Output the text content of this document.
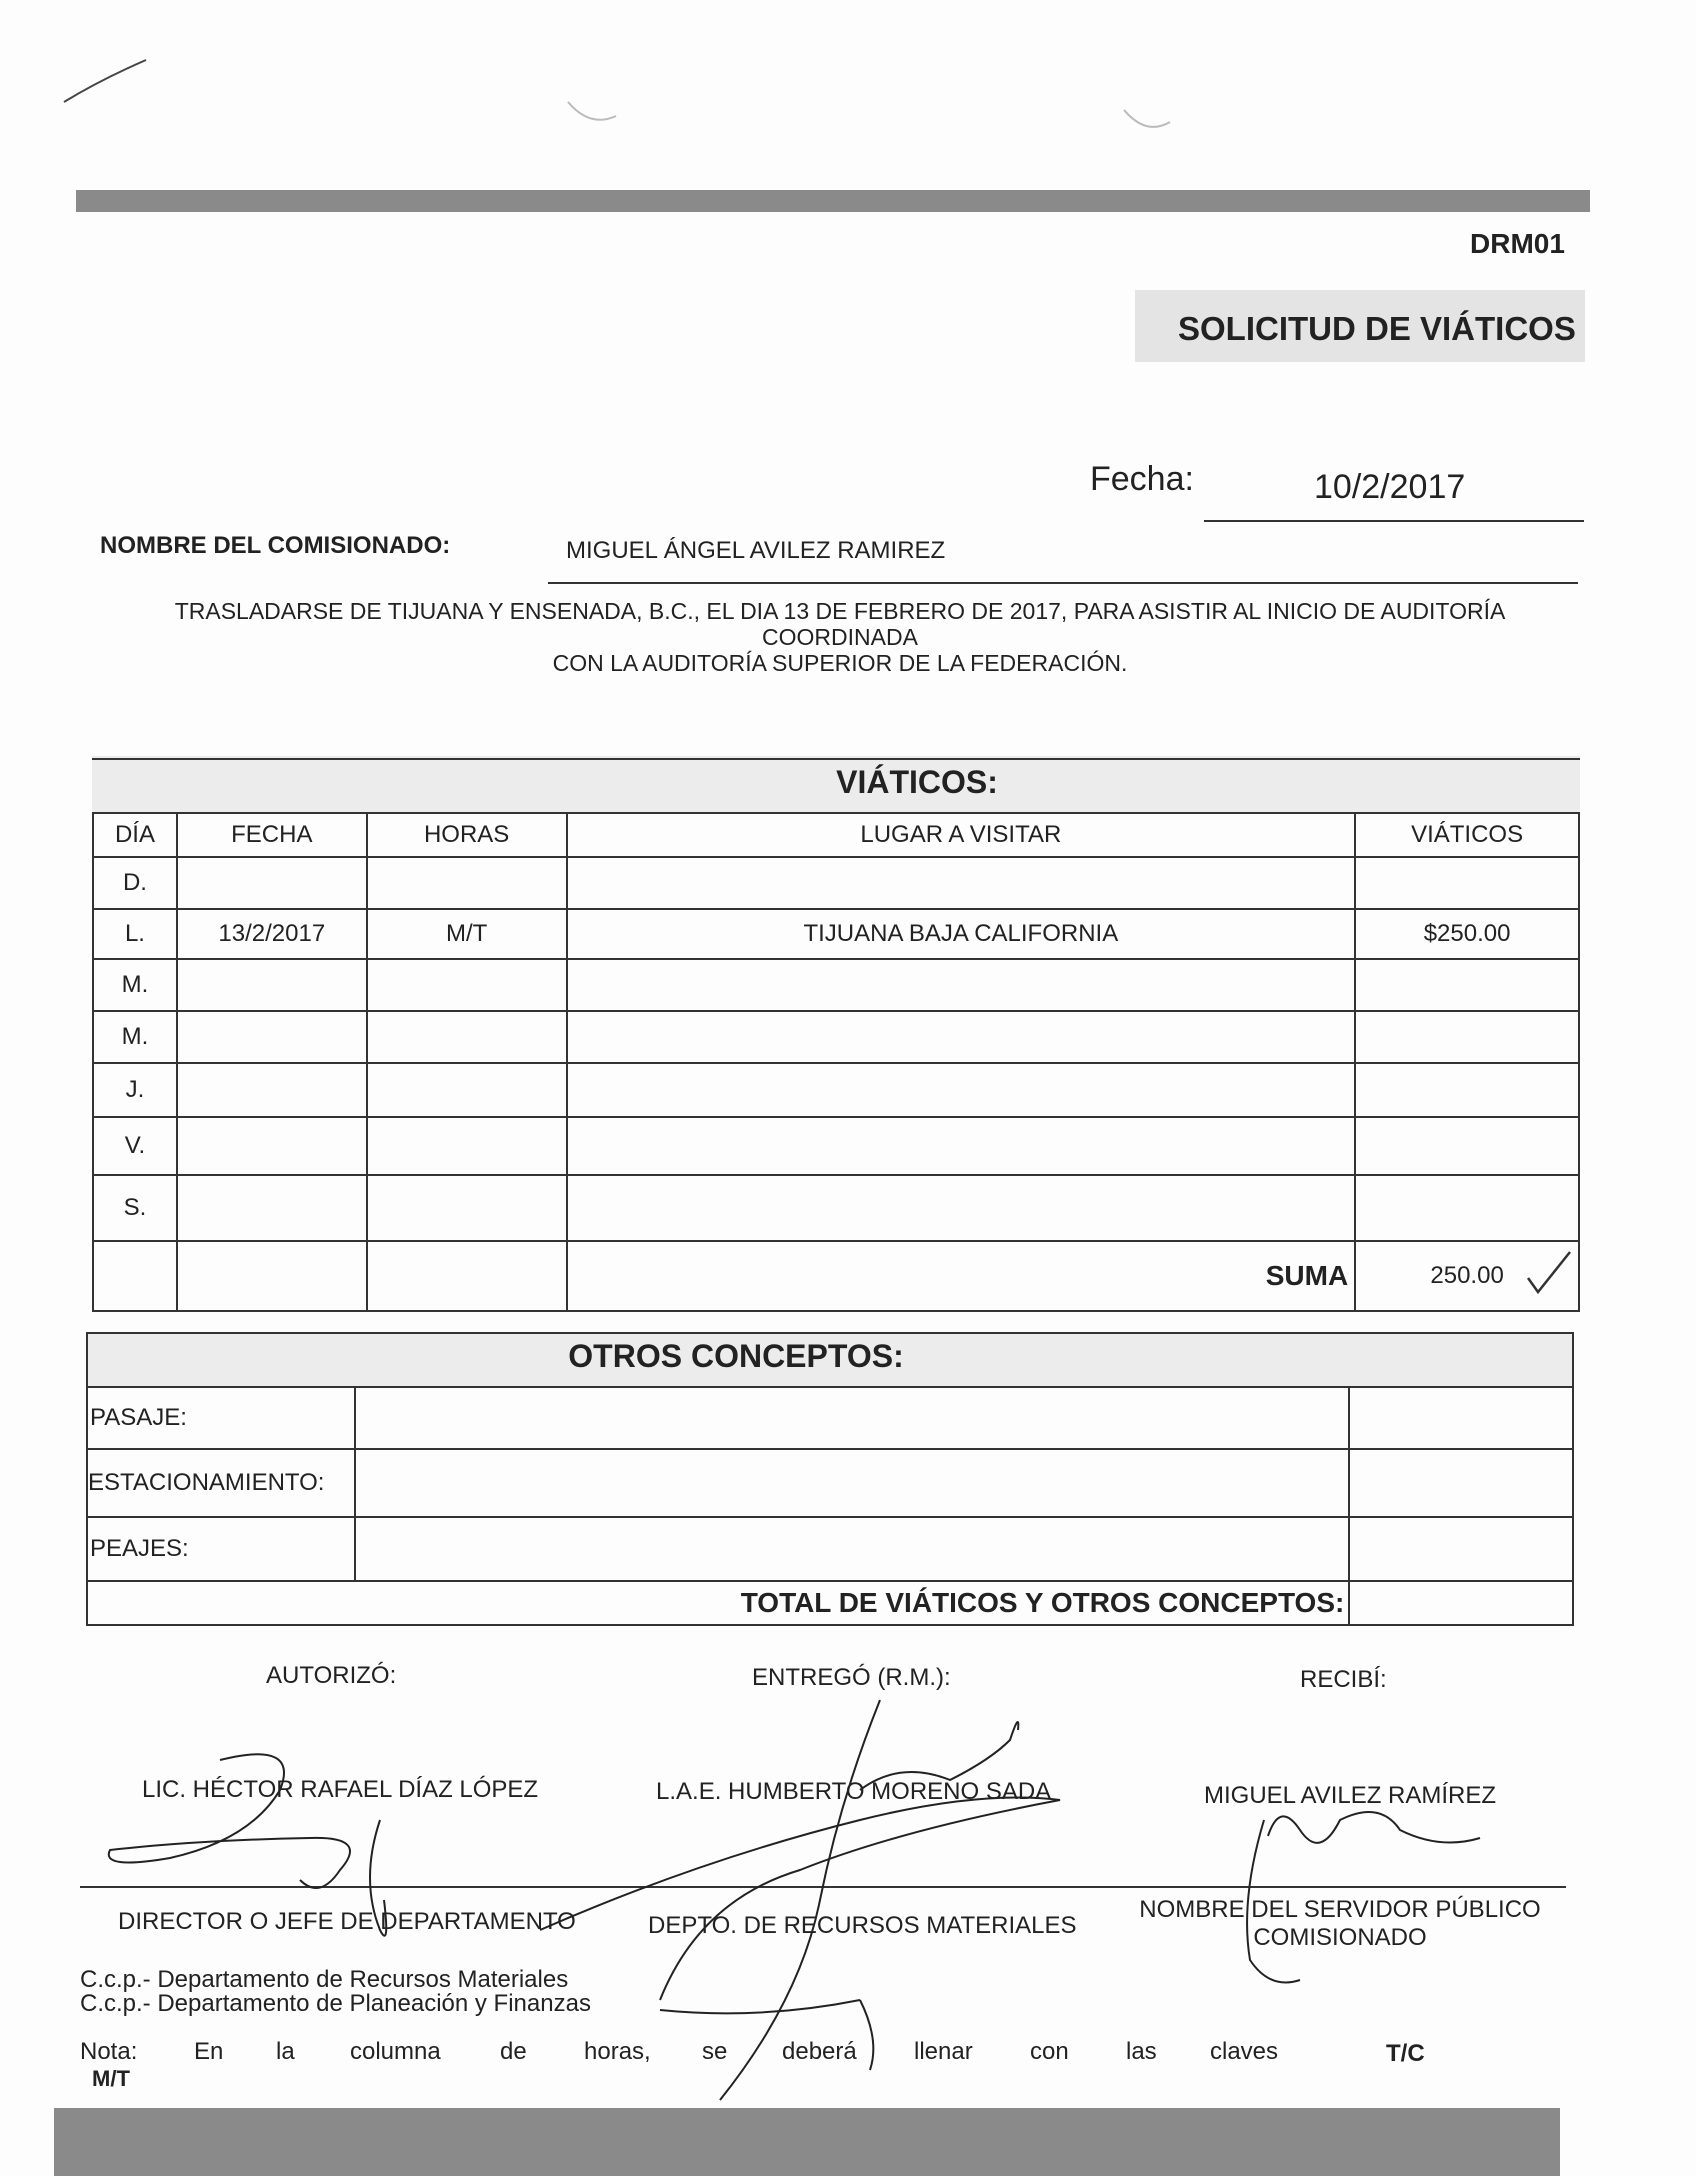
DRM01
SOLICITUD DE VIÁTICOS
Fecha:	10/2/2017
NOMBRE DEL COMISIONADO:	MIGUEL ÁNGEL AVILEZ RAMIREZ
TRASLADARSE DE TIJUANA Y ENSENADA, B.C., EL DIA 13 DE FEBRERO DE 2017, PARA ASISTIR AL INICIO DE AUDITORÍA COORDINADA
CON LA AUDITORÍA SUPERIOR DE LA FEDERACIÓN.
VIÁTICOS:
DÍA	FECHA	HORAS	LUGAR A VISITAR	VIÁTICOS
D.				
L.	13/2/2017	M/T	TIJUANA BAJA CALIFORNIA	$250.00
M.				
M.				
J.				
V.				
S.				
			SUMA	250.00
OTROS CONCEPTOS:
PASAJE:		
ESTACIONAMIENTO:		
PEAJES:		
TOTAL DE VIÁTICOS Y OTROS CONCEPTOS:		
AUTORIZÓ:	ENTREGÓ (R.M.):	RECIBÍ:
LIC. HÉCTOR RAFAEL DÍAZ LÓPEZ	L.A.E. HUMBERTO MORENO SADA	MIGUEL AVILEZ RAMÍREZ
DIRECTOR O JEFE DE DEPARTAMENTO	DEPTO. DE RECURSOS MATERIALES
NOMBRE DEL SERVIDOR PÚBLICO
COMISIONADO
C.c.p.- Departamento de Recursos Materiales
C.c.p.- Departamento de Planeación y Finanzas
Nota: En la columna de horas, se deberá llenar con las claves	T/C
M/T
